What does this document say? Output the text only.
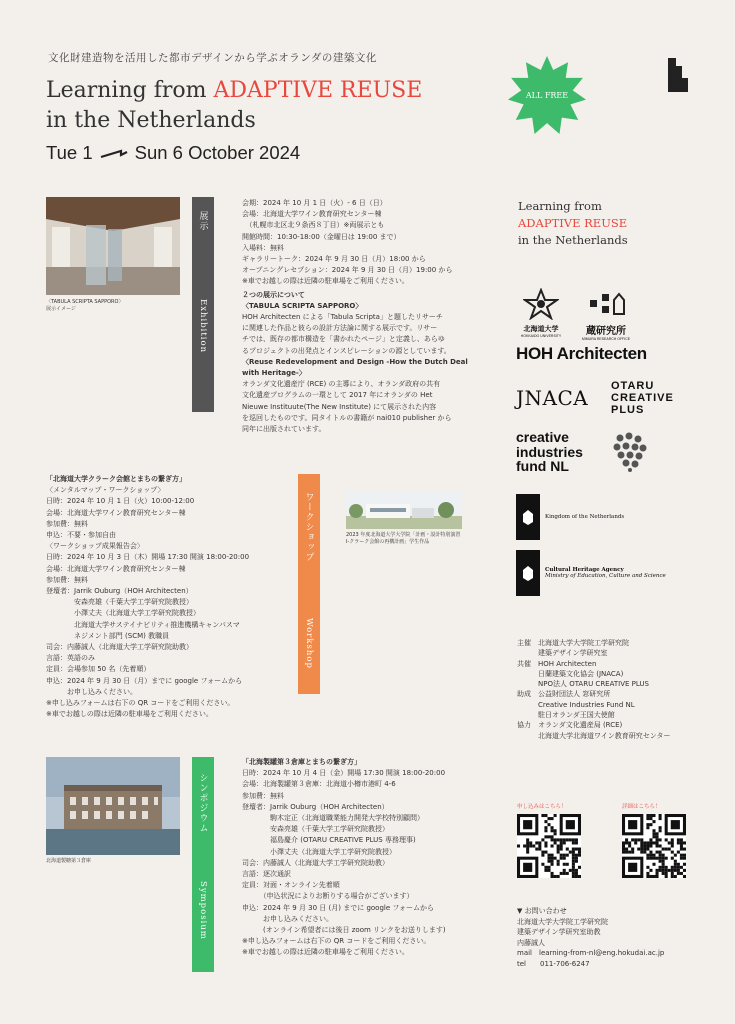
文化財建造物を活用した都市デザインから学ぶオランダの建築文化
Learning from ADAPTIVE REUSE
in the Netherlands
Tue 1 Sun 6 October 2024
ALL FREE
Learning from
ADAPTIVE REUSE
in the Netherlands
〈TABULA SCRIPTA SAPPORO〉
展示イメージ
展示
Exhibition
会期：2024 年 10 月 1 日（火）- 6 日（日）
会場：北海道大学ワイン教育研究センター棟
　（札幌市北区北９条西８丁目）※両展示とも
開館時間：10:30-18:00（金曜日は 19:00 まで）
入場料：無料
ギャラリートーク：2024 年 9 月 30 日（月）18:00 から
オープニングレセプション：2024 年 9 月 30 日（月）19:00 から
※車でお越しの際は近隣の駐車場をご利用ください。
２つの展示について
〈TABULA SCRIPTA SAPPORO〉
HOH Architecten による「Tabula Scripta」と題したリサーチ
に関連した作品と彼らの設計方法論に関する展示です。リサー
チでは、既存の都市構造を「書かれたページ」と定義し、あらゆ
るプロジェクトの出発点とインスピレーションの源としています。
〈Reuse Redevelopment and Design -How the Dutch Deal
with Heritage-〉
オランダ文化遺産庁 (RCE) の主導により、オランダ政府の共有
文化遺産プログラムの一環として 2017 年にオランダの Het
Nieuwe Instituute(The New Institute) にて展示された内容
を巡回したものです。同タイトルの書籍が nai010 publisher から
同年に出版されています。
「北海道大学クラーク会館とまちの繋ぎ方」
〈メンタルマップ・ワークショップ〉
日時：2024 年 10 月 1 日（火）10:00-12:00
会場：北海道大学ワイン教育研究センター棟
参加費：無料
申込：不要・参加自由
〈ワークショップ成果報告会〉
日時：2024 年 10 月 3 日（木）開場 17:30 開演 18:00-20:00
会場：北海道大学ワイン教育研究センター棟
参加費：無料
登壇者：Jarrik Ouburg（HOH Architecten）
　　　　安森亮雄（千葉大学工学研究院教授）
　　　　小澤丈夫（北海道大学工学研究院教授）
　　　　北海道大学サステイナビリティ推進機構キャンパスマ
　　　　ネジメント部門 (SCM) 教職員
司会：内藤誠人（北海道大学工学研究院助教）
言語：英語のみ
定員：会場参加 50 名（先着順）
申込：2024 年 9 月 30 日（月）までに google フォームから
　　　お申し込みください。
※申し込みフォームは右下の QR コードをご利用ください。
※車でお越しの際は近隣の駐車場をご利用ください。
ワークショップ
Workshop
2023 年度北海道大学大学院「計画・設計特別演習
Ⅰ-クラーク会館の再構計画」学生作品
北海道製糖第３倉庫
シンポジウム
Symposium
「北海製罐第３倉庫とまちの繋ぎ方」
日時：2024 年 10 月 4 日（金）開場 17:30 開演 18:00-20:00
会場：北海製罐第３倉庫：北海道小樽市港町 4-6
参加費：無料
登壇者：Jarrik Ouburg（HOH Architecten）
　　　　駒木定正（北海道職業能力開発大学校特別顧問）
　　　　安森亮雄（千葉大学工学研究院教授）
　　　　福島慶介 (OTARU CREATIVE PLUS 専務理事)
　　　　小澤丈夫（北海道大学工学研究院教授）
司会：内藤誠人（北海道大学工学研究院助教）
言語：逐次通訳
定員：対面・オンライン先着順
　　　（申込状況によりお断りする場合がございます）
申込：2024 年 9 月 30 日 (月) までに google フォームから
　　　お申し込みください。
　　　(オンライン希望者には後日 zoom リンクをお送りします)
※申し込みフォームは右下の QR コードをご利用ください。
※車でお越しの際は近隣の駐車場をご利用ください。
北海道大学
HOKKAIDO UNIVERSITY	蔵研究所
MIMURA RESEARCH OFFICE
HOH Architecten
JNACA OTARU
CREATIVE
PLUS
creative
industries
fund NL
Kingdom of the Netherlands
Cultural Heritage Agency
Ministry of Education, Culture and Science
主催　北海道大学大学院工学研究院
　　　建築デザイン学研究室
共催　HOH Architecten
　　　日蘭建築文化協会 (JNACA)
　　　NPO法人 OTARU CREATIVE PLUS
助成　公益財団法人 窓研究所
　　　Creative Industries Fund NL
　　　駐日オランダ王国大使館
協力　オランダ文化遺産局 (RCE)
　　　北海道大学北海道ワイン教育研究センター
申し込みはこちら！	詳細はこちら！
▼ お問い合わせ
北海道大学大学院工学研究院
建築デザイン学研究室助教
内藤誠人
mail　learning-from-nl@eng.hokudai.ac.jp
tel　　011-706-6247
